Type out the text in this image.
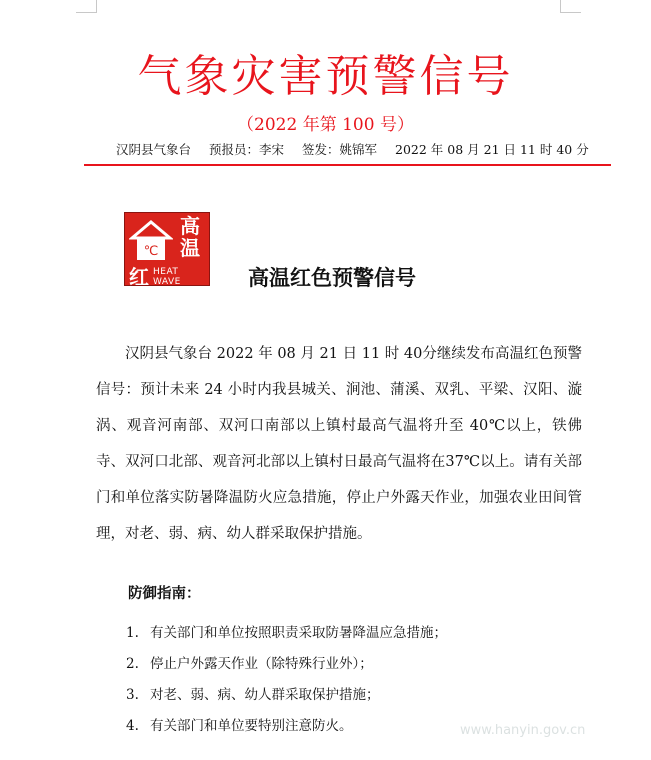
气象灾害预警信号
（2022 年第 100 号）
汉阴县气象台 预报员：李宋 签发：姚锦军 2022 年 08 月 21 日 11 时 40 分
℃
高
温
红 HEAT WAVE	高温红色预警信号
汉阴县气象台 2022 年 08 月 21 日 11 时 40分继续发布高温红色预警信号：预计未来 24 小时内我县城关、涧池、蒲溪、双乳、平梁、汉阳、漩涡、观音河南部、双河口南部以上镇村最高气温将升至 40℃以上，铁佛寺、双河口北部、观音河北部以上镇村日最高气温将在37℃以上。请有关部门和单位落实防暑降温防火应急措施，停止户外露天作业，加强农业田间管理，对老、弱、病、幼人群采取保护措施。
防御指南：
1. 有关部门和单位按照职责采取防暑降温应急措施；
2. 停止户外露天作业（除特殊行业外）；
3. 对老、弱、病、幼人群采取保护措施；
4. 有关部门和单位要特别注意防火。	www.hanyin.gov.cn
